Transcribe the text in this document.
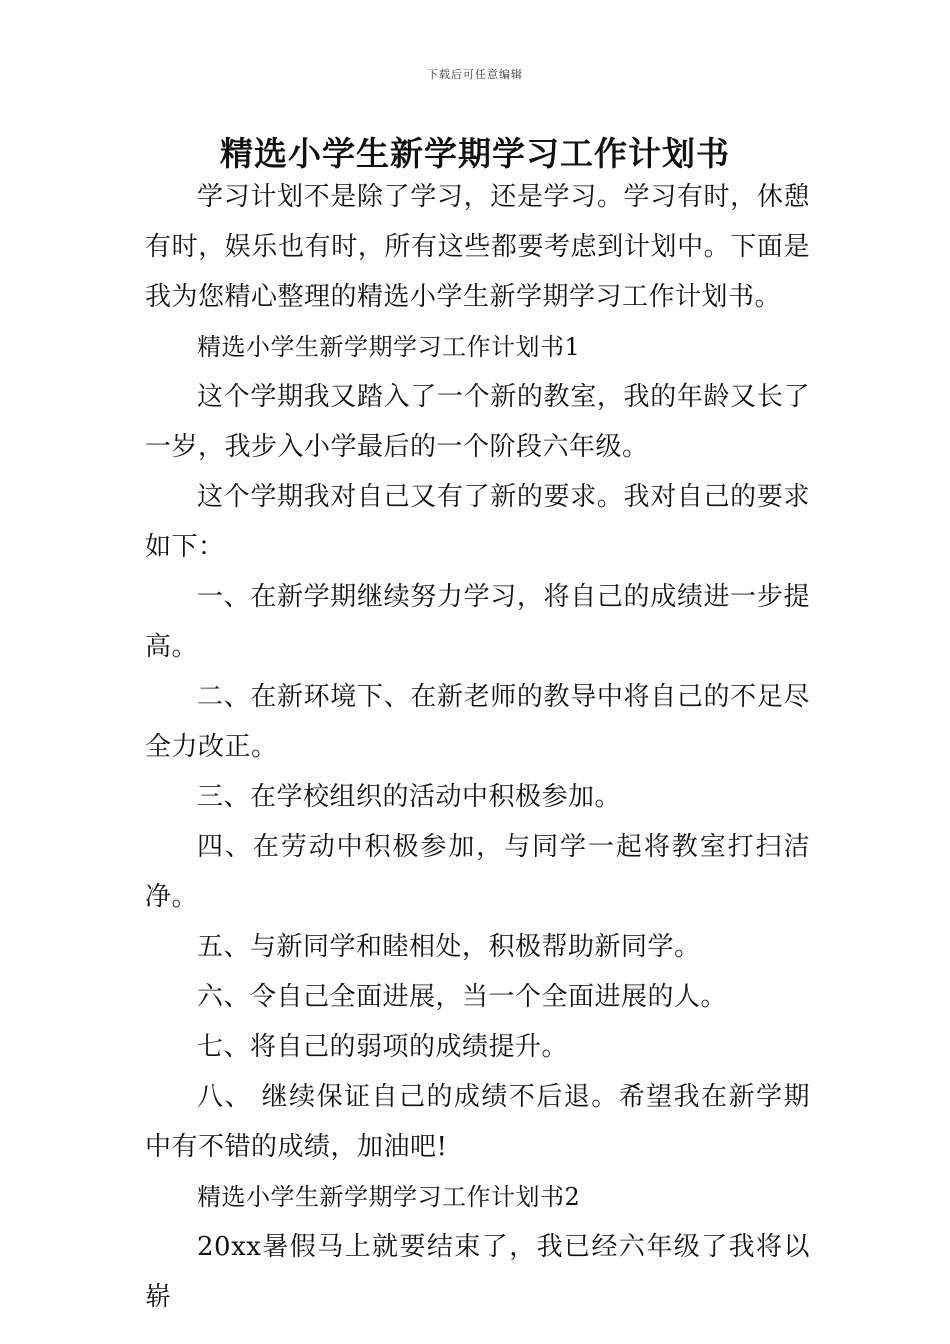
下载后可任意编辑
精选小学生新学期学习工作计划书

学习计划不是除了学习，还是学习。学习有时，休憩有时，娱乐也有时，所有这些都要考虑到计划中。下面是我为您精心整理的精选小学生新学期学习工作计划书。

精选小学生新学期学习工作计划书1

这个学期我又踏入了一个新的教室，我的年龄又长了一岁，我步入小学最后的一个阶段六年级。

这个学期我对自己又有了新的要求。我对自己的要求如下：

一、在新学期继续努力学习，将自己的成绩进一步提高。

二、在新环境下、在新老师的教导中将自己的不足尽全力改正。

三、在学校组织的活动中积极参加。

四、在劳动中积极参加，与同学一起将教室打扫洁净。

五、与新同学和睦相处，积极帮助新同学。

六、令自己全面进展，当一个全面进展的人。

七、将自己的弱项的成绩提升。

八、 继续保证自己的成绩不后退。希望我在新学期中有不错的成绩，加油吧!

精选小学生新学期学习工作计划书2

20xx暑假马上就要结束了，我已经六年级了我将以崭
